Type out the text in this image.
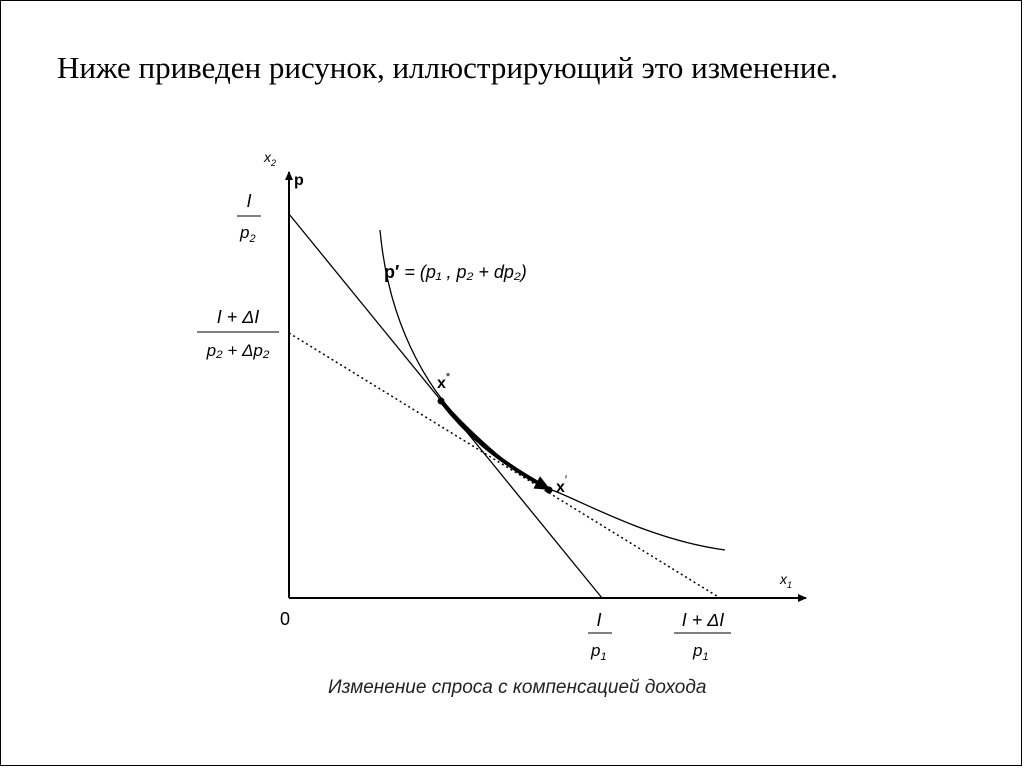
Ниже приведен рисунок, иллюстрирующий это изменение.
x*
x′
p′ = (p₁ , p₂ + dp₂)
$x_2$
p
$x_1$
0
I
$p_2$
I + ΔI
p₂ + Δp₂
I
$p_1$
I + ΔI
$p_1$
Изменение спроса с компенсацией дохода
